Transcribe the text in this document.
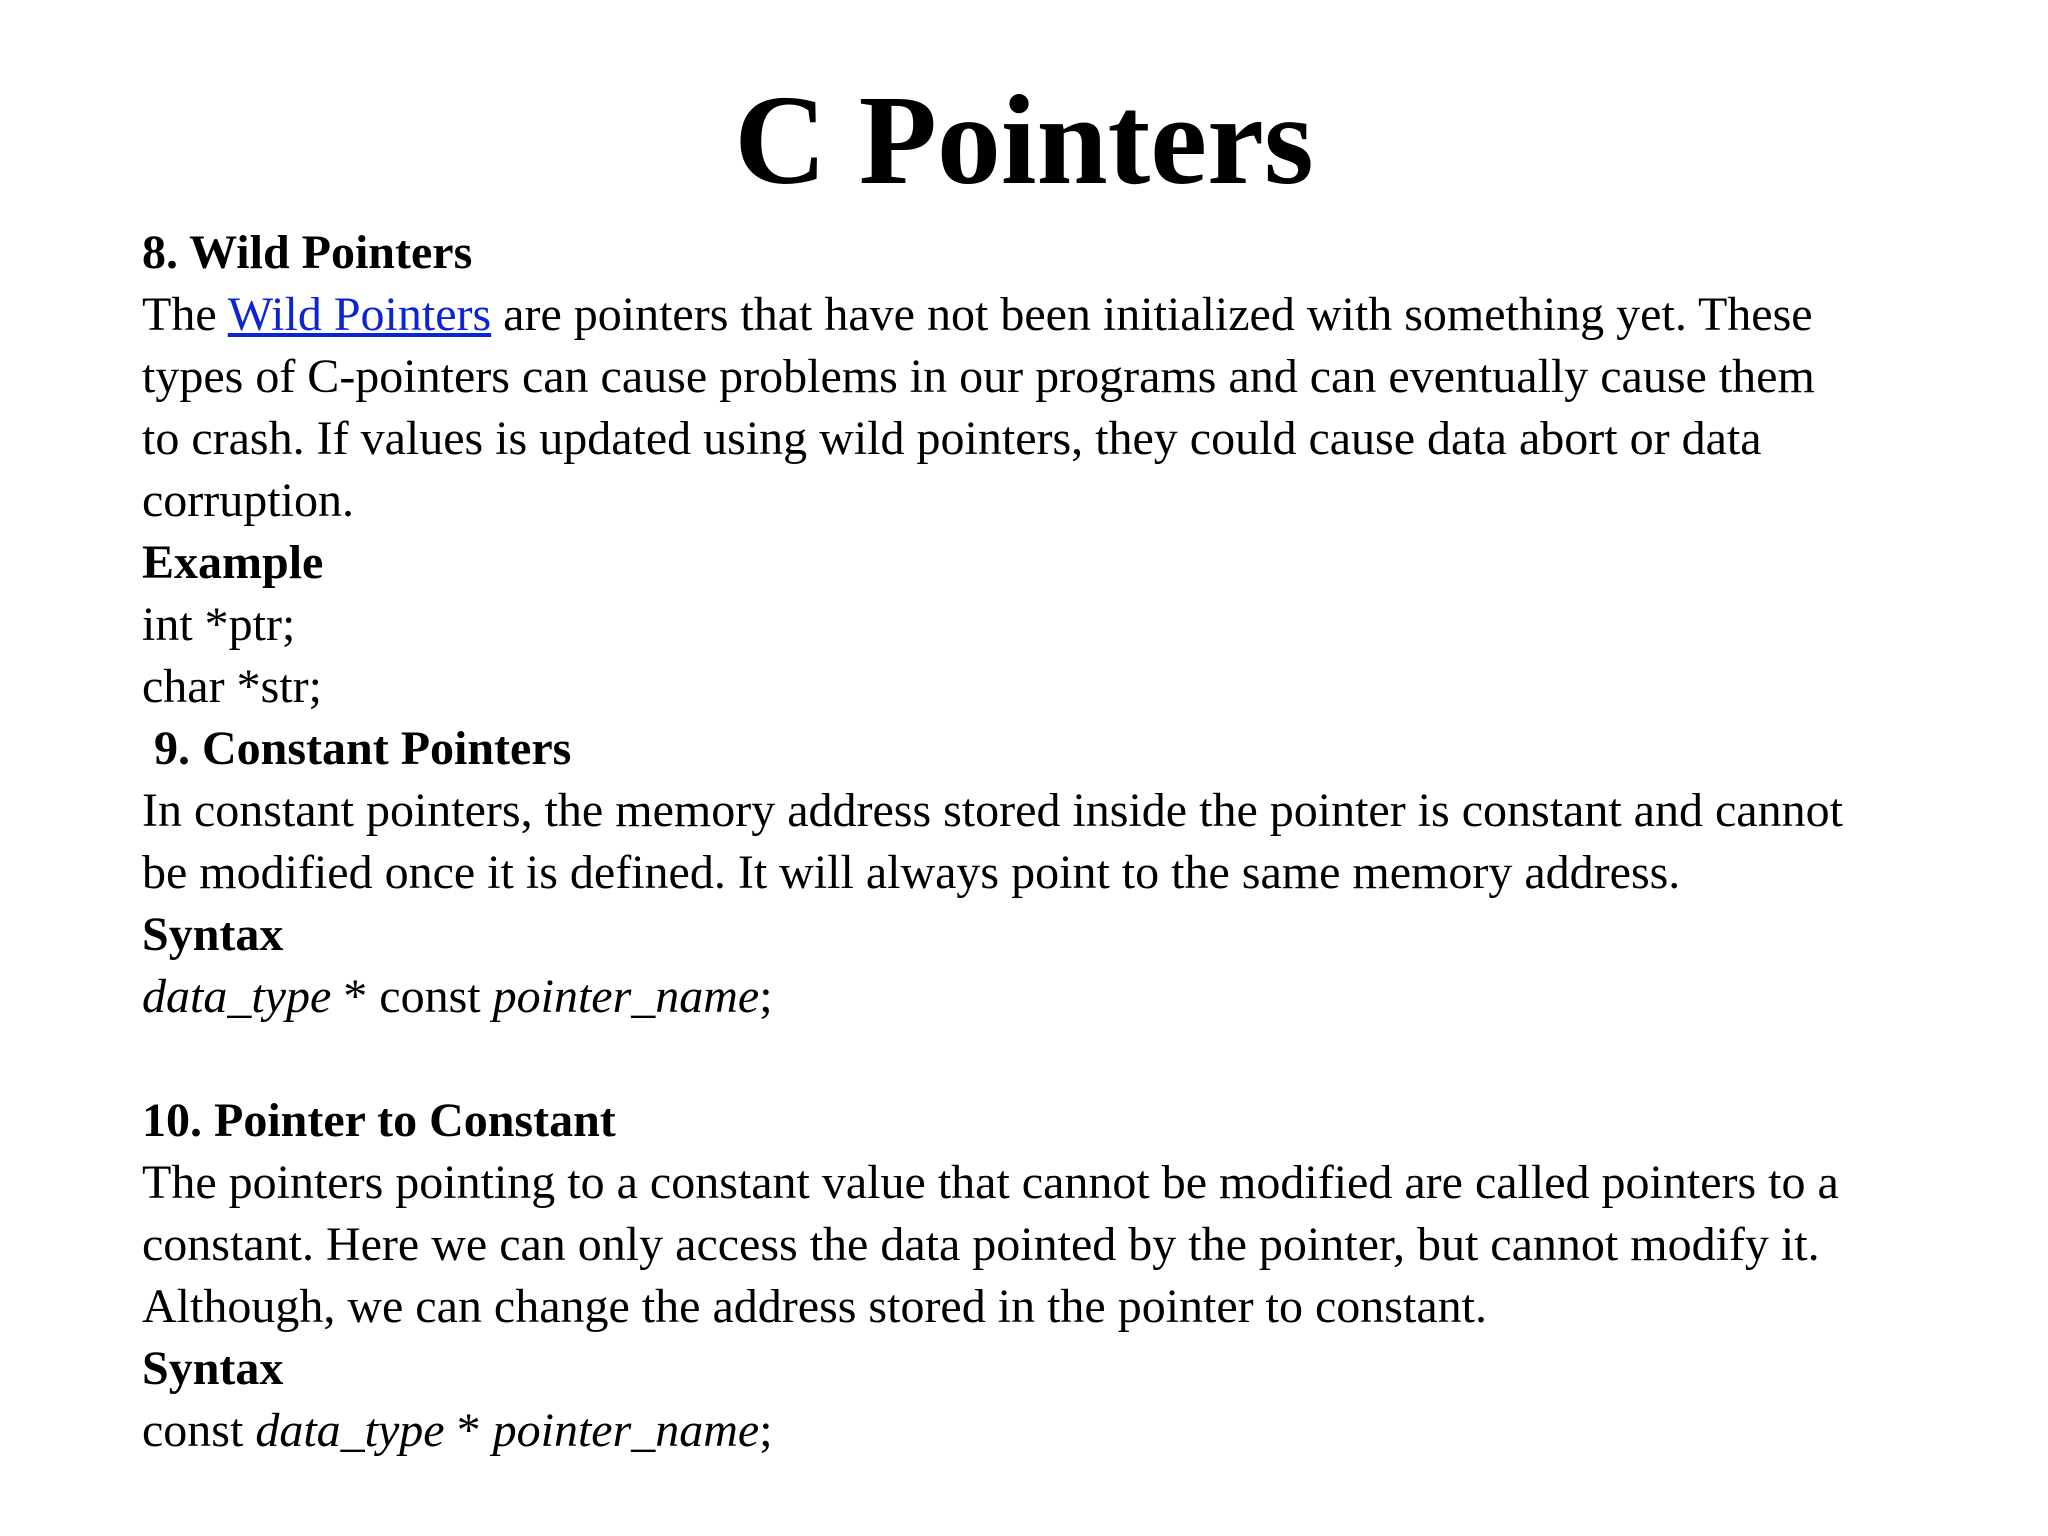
C Pointers
8. Wild Pointers
The Wild Pointers are pointers that have not been initialized with something yet. These
types of C-pointers can cause problems in our programs and can eventually cause them
to crash. If values is updated using wild pointers, they could cause data abort or data
corruption.
Example
int *ptr;
char *str;
9. Constant Pointers
In constant pointers, the memory address stored inside the pointer is constant and cannot
be modified once it is defined. It will always point to the same memory address.
Syntax
data_type * const pointer_name;
10. Pointer to Constant
The pointers pointing to a constant value that cannot be modified are called pointers to a
constant. Here we can only access the data pointed by the pointer, but cannot modify it.
Although, we can change the address stored in the pointer to constant.
Syntax
const data_type * pointer_name;
